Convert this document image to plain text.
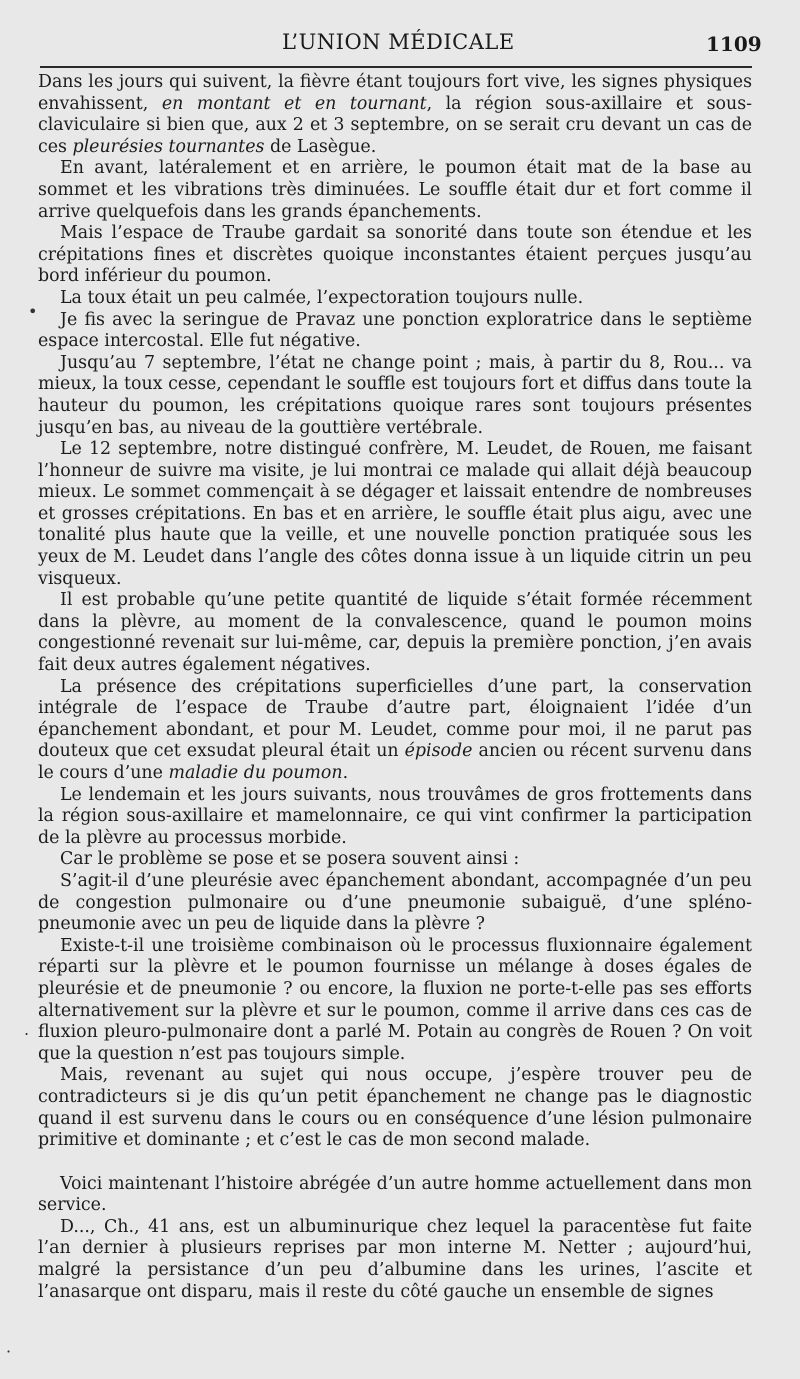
L’UNION MÉDICALE	1109

Dans les jours qui suivent, la fièvre étant toujours fort vive, les signes physiques envahissent, en montant et en tournant, la région sous-axillaire et sous-claviculaire si bien que, aux 2 et 3 septembre, on se serait cru devant un cas de ces pleurésies tournantes de Lasègue.

En avant, latéralement et en arrière, le poumon était mat de la base au sommet et les vibrations très diminuées. Le souffle était dur et fort comme il arrive quelquefois dans les grands épanchements.

Mais l’espace de Traube gardait sa sonorité dans toute son étendue et les crépitations fines et discrètes quoique inconstantes étaient perçues jusqu’au bord inférieur du poumon.

La toux était un peu calmée, l’expectoration toujours nulle.

Je fis avec la seringue de Pravaz une ponction exploratrice dans le septième espace intercostal. Elle fut négative.

Jusqu’au 7 septembre, l’état ne change point ; mais, à partir du 8, Rou... va mieux, la toux cesse, cependant le souffle est toujours fort et diffus dans toute la hauteur du poumon, les crépitations quoique rares sont toujours présentes jusqu’en bas, au niveau de la gouttière vertébrale.

Le 12 septembre, notre distingué confrère, M. Leudet, de Rouen, me faisant l’honneur de suivre ma visite, je lui montrai ce malade qui allait déjà beaucoup mieux. Le sommet commençait à se dégager et laissait entendre de nombreuses et grosses crépitations. En bas et en arrière, le souffle était plus aigu, avec une tonalité plus haute que la veille, et une nouvelle ponction pratiquée sous les yeux de M. Leudet dans l’angle des côtes donna issue à un liquide citrin un peu visqueux.

Il est probable qu’une petite quantité de liquide s’était formée récemment dans la plèvre, au moment de la convalescence, quand le poumon moins congestionné revenait sur lui-même, car, depuis la première ponction, j’en avais fait deux autres également négatives.

La présence des crépitations superficielles d’une part, la conservation intégrale de l’espace de Traube d’autre part, éloignaient l’idée d’un épanchement abondant, et pour M. Leudet, comme pour moi, il ne parut pas douteux que cet exsudat pleural était un épisode ancien ou récent survenu dans le cours d’une maladie du poumon.

Le lendemain et les jours suivants, nous trouvâmes de gros frottements dans la région sous-axillaire et mamelonnaire, ce qui vint confirmer la participation de la plèvre au processus morbide.

Car le problème se pose et se posera souvent ainsi :

S’agit-il d’une pleurésie avec épanchement abondant, accompagnée d’un peu de congestion pulmonaire ou d’une pneumonie subaiguë, d’une spléno-pneumonie avec un peu de liquide dans la plèvre ?

Existe-t-il une troisième combinaison où le processus fluxionnaire également réparti sur la plèvre et le poumon fournisse un mélange à doses égales de pleurésie et de pneumonie ? ou encore, la fluxion ne porte-t-elle pas ses efforts alternativement sur la plèvre et sur le poumon, comme il arrive dans ces cas de fluxion pleuro-pulmonaire dont a parlé M. Potain au congrès de Rouen ? On voit que la question n’est pas toujours simple.

Mais, revenant au sujet qui nous occupe, j’espère trouver peu de contradicteurs si je dis qu’un petit épanchement ne change pas le diagnostic quand il est survenu dans le cours ou en conséquence d’une lésion pulmonaire primitive et dominante ; et c’est le cas de mon second malade.

Voici maintenant l’histoire abrégée d’un autre homme actuellement dans mon service.

D..., Ch., 41 ans, est un albuminurique chez lequel la paracentèse fut faite l’an dernier à plusieurs reprises par mon interne M. Netter ; aujourd’hui, malgré la persistance d’un peu d’albumine dans les urines, l’ascite et l’anasarque ont disparu, mais il reste du côté gauche un ensemble de signes

•
.
·
